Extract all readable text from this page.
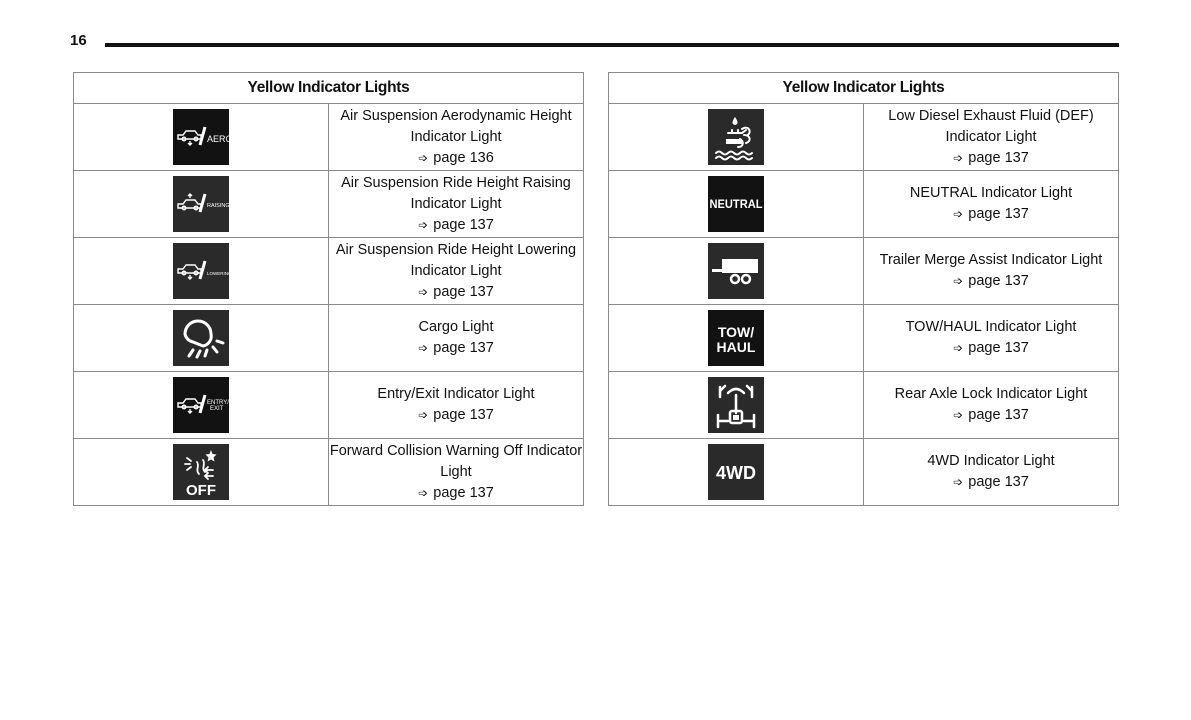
16
Yellow Indicator Lights	

AERO	Air Suspension Aerodynamic Height Indicator Light
➩ page 136

RAISING	Air Suspension Ride Height Raising Indicator Light
➩ page 137

LOWERING	Air Suspension Ride Height Lowering Indicator Light
➩ page 137

Cargo Light
➩ page 137

ENTRY/
EXIT	Entry/Exit Indicator Light
➩ page 137

OFF	Forward Collision Warning Off Indicator Light
➩ page 137
Yellow Indicator Lights	

Low Diesel Exhaust Fluid (DEF) Indicator Light
➩ page 137

NEUTRAL	NEUTRAL Indicator Light
➩ page 137

Trailer Merge Assist Indicator Light
➩ page 137

TOW/
HAUL	TOW/HAUL Indicator Light
➩ page 137

Rear Axle Lock Indicator Light
➩ page 137

4WD	4WD Indicator Light
➩ page 137
